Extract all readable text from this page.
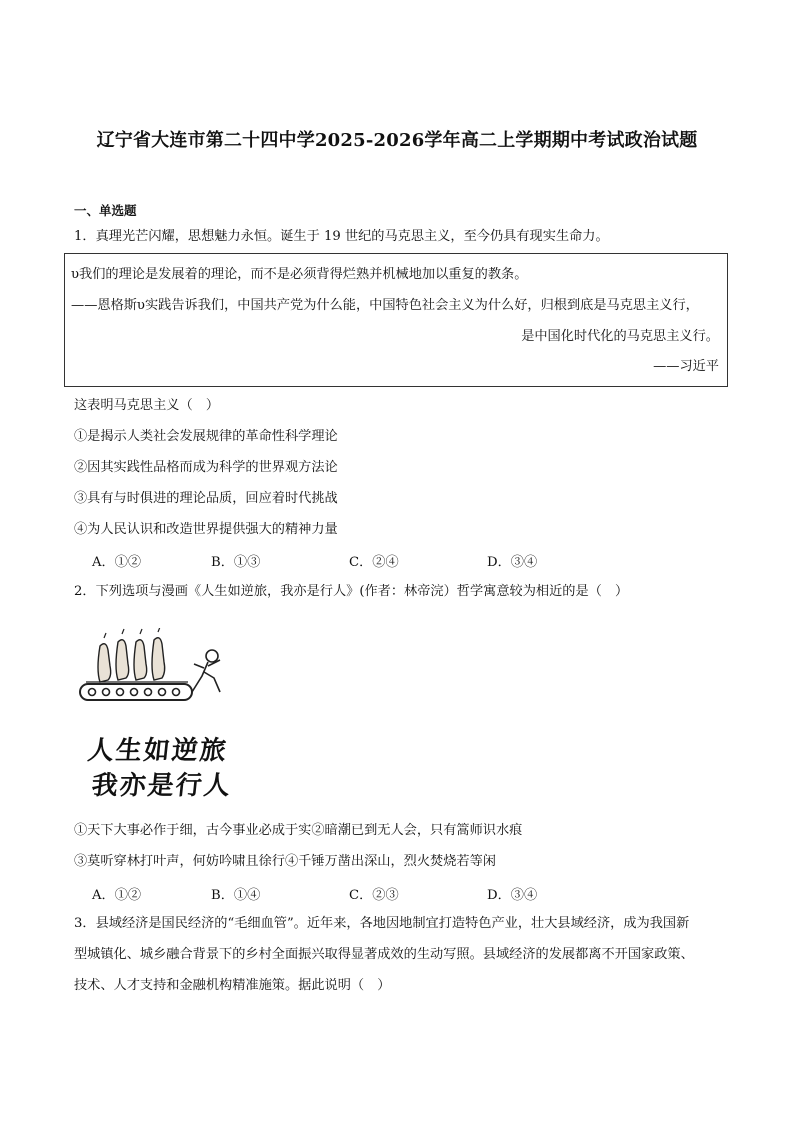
辽宁省大连市第二十四中学2025-2026学年高二上学期期中考试政治试题
一、单选题
1．真理光芒闪耀，思想魅力永恒。诞生于 19 世纪的马克思主义，至今仍具有现实生命力。
υ我们的理论是发展着的理论，而不是必须背得烂熟并机械地加以重复的教条。
——恩格斯υ实践告诉我们，中国共产党为什么能，中国特色社会主义为什么好，归根到底是马克思主义行，
是中国化时代化的马克思主义行。
——习近平
这表明马克思主义（　）
①是揭示人类社会发展规律的革命性科学理论
②因其实践性品格而成为科学的世界观方法论
③具有与时俱进的理论品质，回应着时代挑战
④为人民认识和改造世界提供强大的精神力量
A．①②	B．①③	C．②④	D．③④
2．下列选项与漫画《人生如逆旅，我亦是行人》(作者：林帝浣）哲学寓意较为相近的是（　）
人生如逆旅
我亦是行人
①天下大事必作于细，古今事业必成于实②暗潮已到无人会，只有篙师识水痕
③莫听穿林打叶声，何妨吟啸且徐行④千锤万凿出深山，烈火焚烧若等闲
A．①②	B．①④	C．②③	D．③④
3．县域经济是国民经济的“毛细血管”。近年来，各地因地制宜打造特色产业，壮大县域经济，成为我国新
型城镇化、城乡融合背景下的乡村全面振兴取得显著成效的生动写照。县域经济的发展都离不开国家政策、
技术、人才支持和金融机构精准施策。据此说明（　）
